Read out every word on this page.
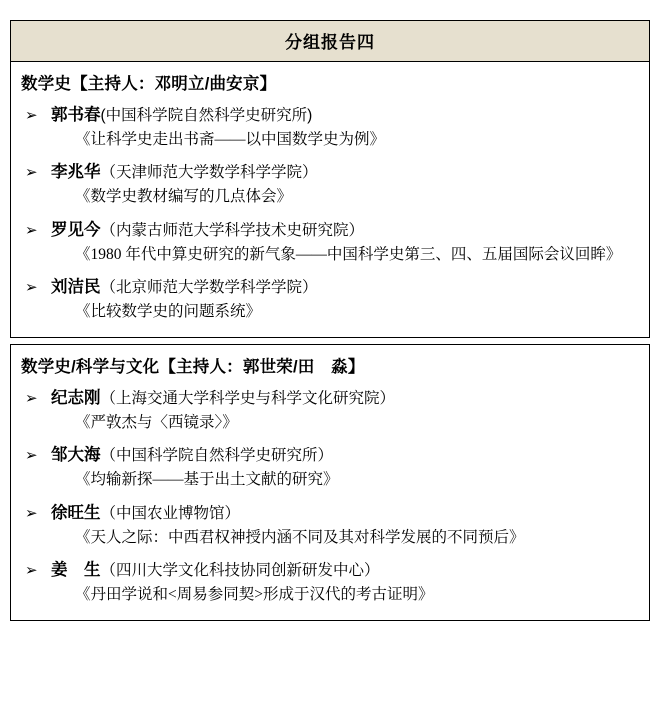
分组报告四

数学史【主持人：邓明立/曲安京】
➢ 郭书春 (中国科学院自然科学史研究所)
《让科学史走出书斋——以中国数学史为例》
➢ 李兆华 （天津师范大学数学科学学院）
《数学史教材编写的几点体会》
➢ 罗见今 （内蒙古师范大学科学技术史研究院）
《1980 年代中算史研究的新气象——中国科学史第三、四、五届国际会议回眸》
➢ 刘洁民 （北京师范大学数学科学学院）
《比较数学史的问题系统》

数学史/科学与文化【主持人：郭世荣/田　淼】
➢ 纪志刚 （上海交通大学科学史与科学文化研究院）
《严敦杰与〈西镜录〉》
➢ 邹大海 （中国科学院自然科学史研究所）
《均输新探——基于出土文献的研究》
➢ 徐旺生 （中国农业博物馆）
《天人之际：中西君权神授内涵不同及其对科学发展的不同预后》
➢ 姜　生 （四川大学文化科技协同创新研发中心）
《丹田学说和<周易参同契>形成于汉代的考古证明》
